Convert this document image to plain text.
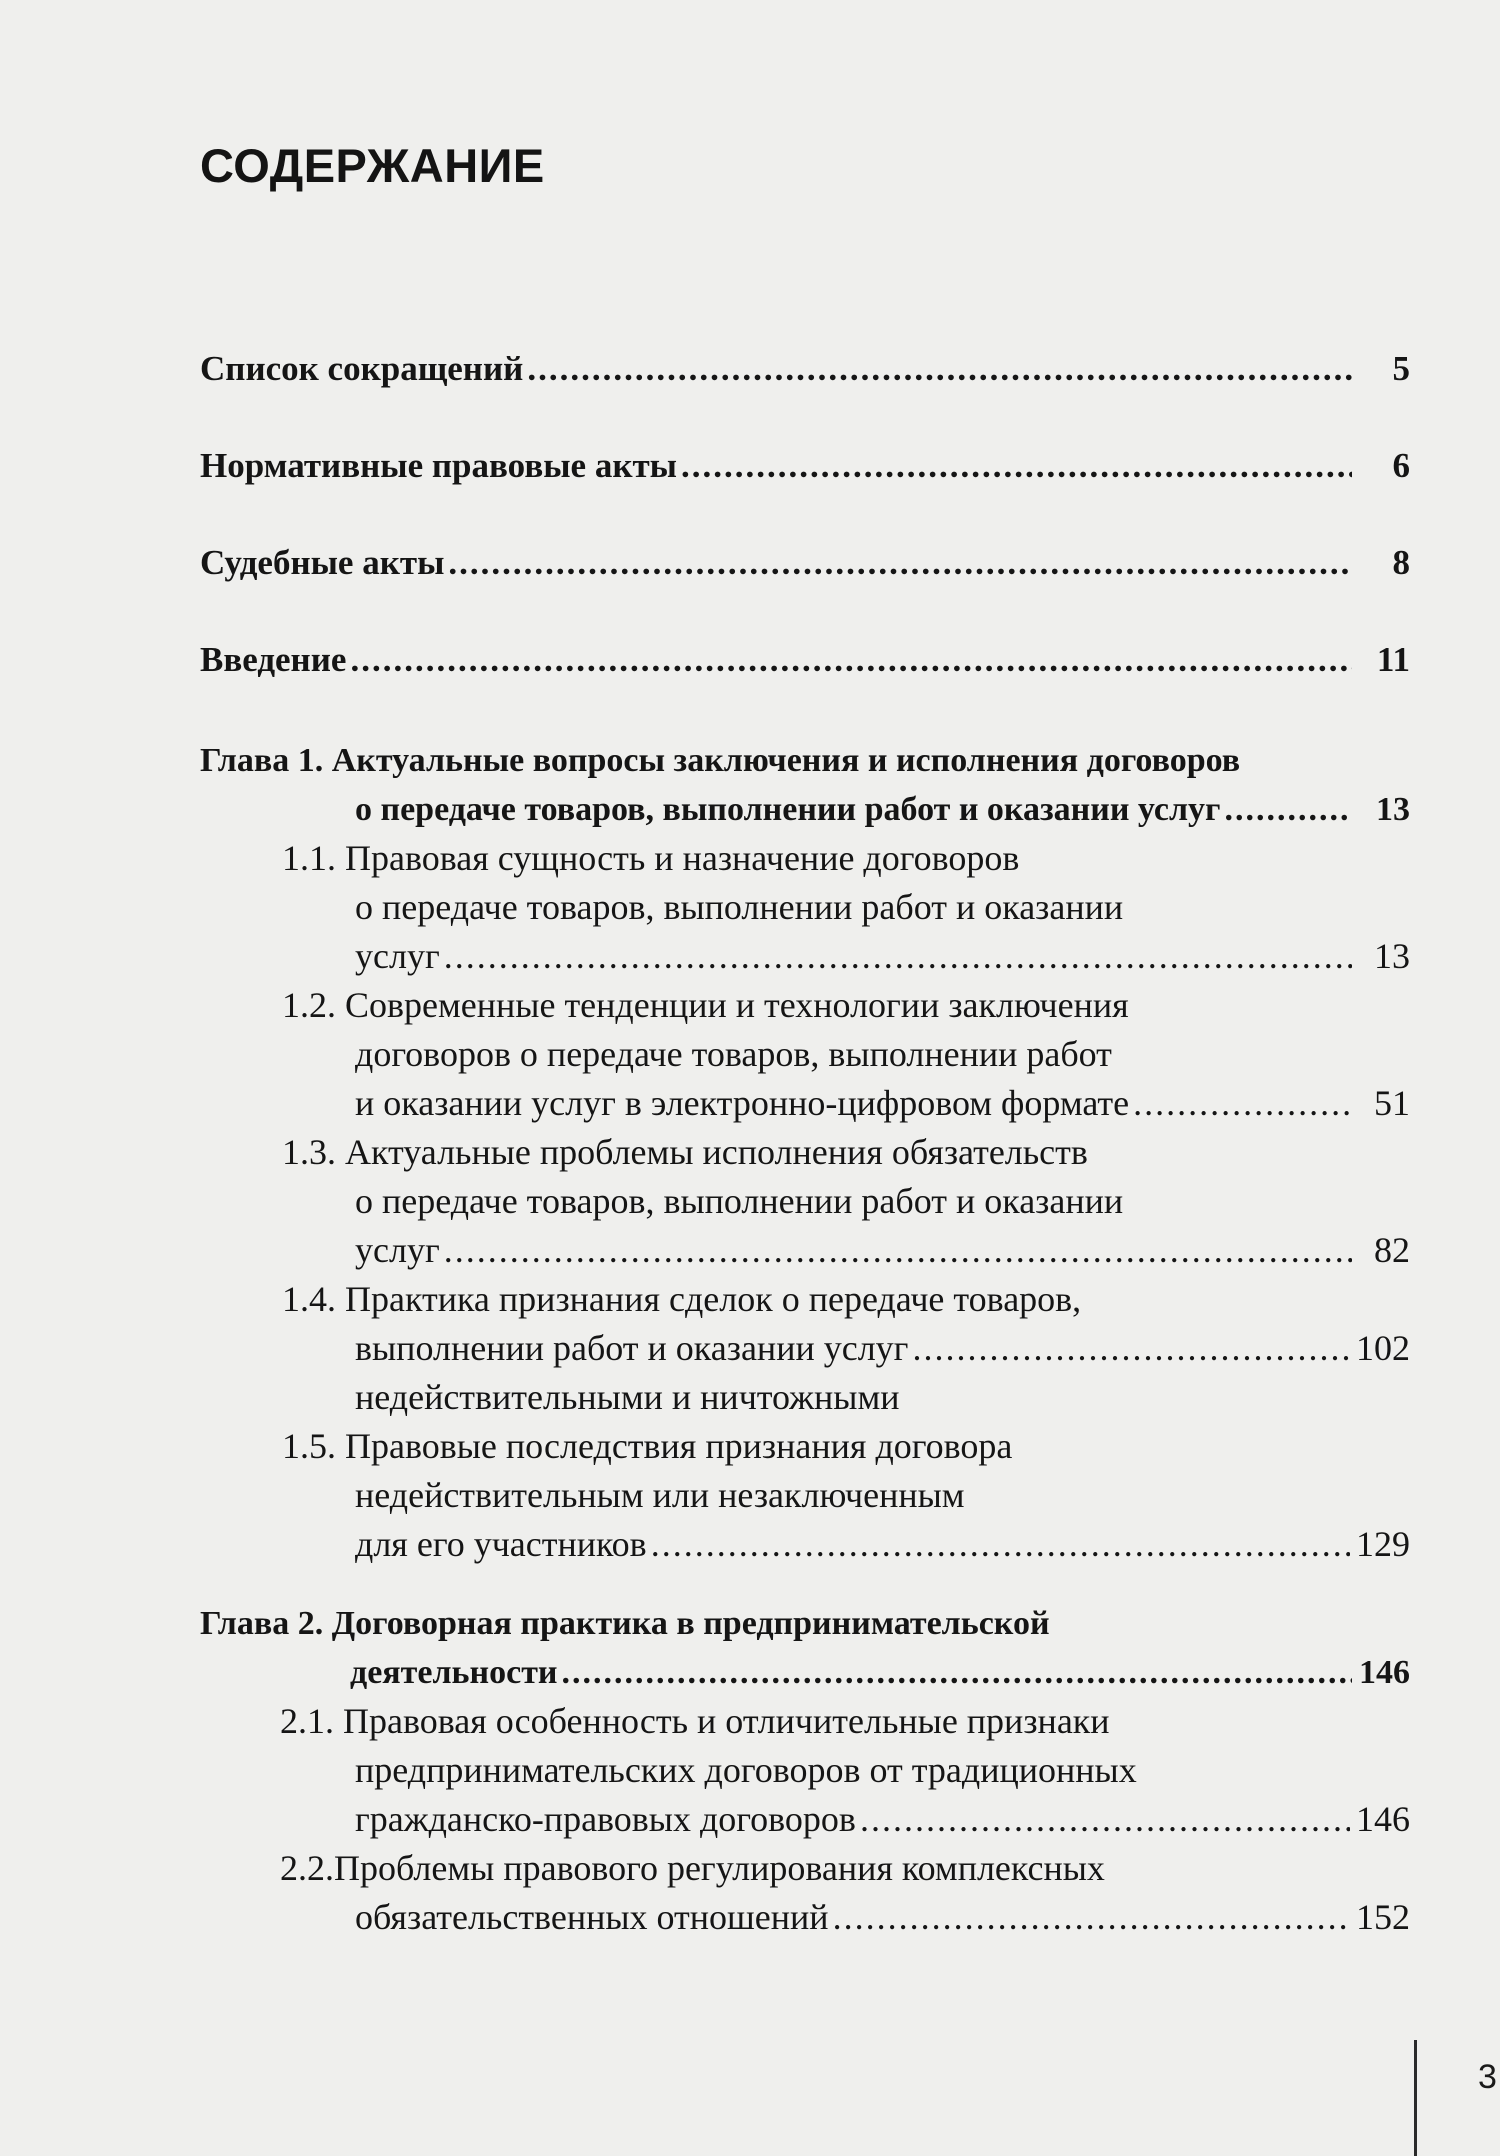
СОДЕРЖАНИЕ
Список сокращений .....	5
Нормативные правовые акты .....	6
Судебные акты .....	8
Введение .....	11
Глава 1. Актуальные вопросы заключения и исполнения договоров
о передаче товаров, выполнении работ и оказании услуг .....	13
1.1. Правовая сущность и назначение договоров
о передаче товаров, выполнении работ и оказании
услуг .....	13
1.2. Современные тенденции и технологии заключения
договоров о передаче товаров, выполнении работ
и оказании услуг в электронно-цифровом формате .....	51
1.3. Актуальные проблемы исполнения обязательств
о передаче товаров, выполнении работ и оказании
услуг .....	82
1.4. Практика признания сделок о передаче товаров,
выполнении работ и оказании услуг .....	102
недействительными и ничтожными
1.5. Правовые последствия признания договора
недействительным или незаключенным
для его участников .....	129
Глава 2. Договорная практика в предпринимательской
деятельности .....	146
2.1. Правовая особенность и отличительные признаки
предпринимательских договоров от традиционных
гражданско-правовых договоров .....	146
2.2.Проблемы правового регулирования комплексных
обязательственных отношений .....	152
3
